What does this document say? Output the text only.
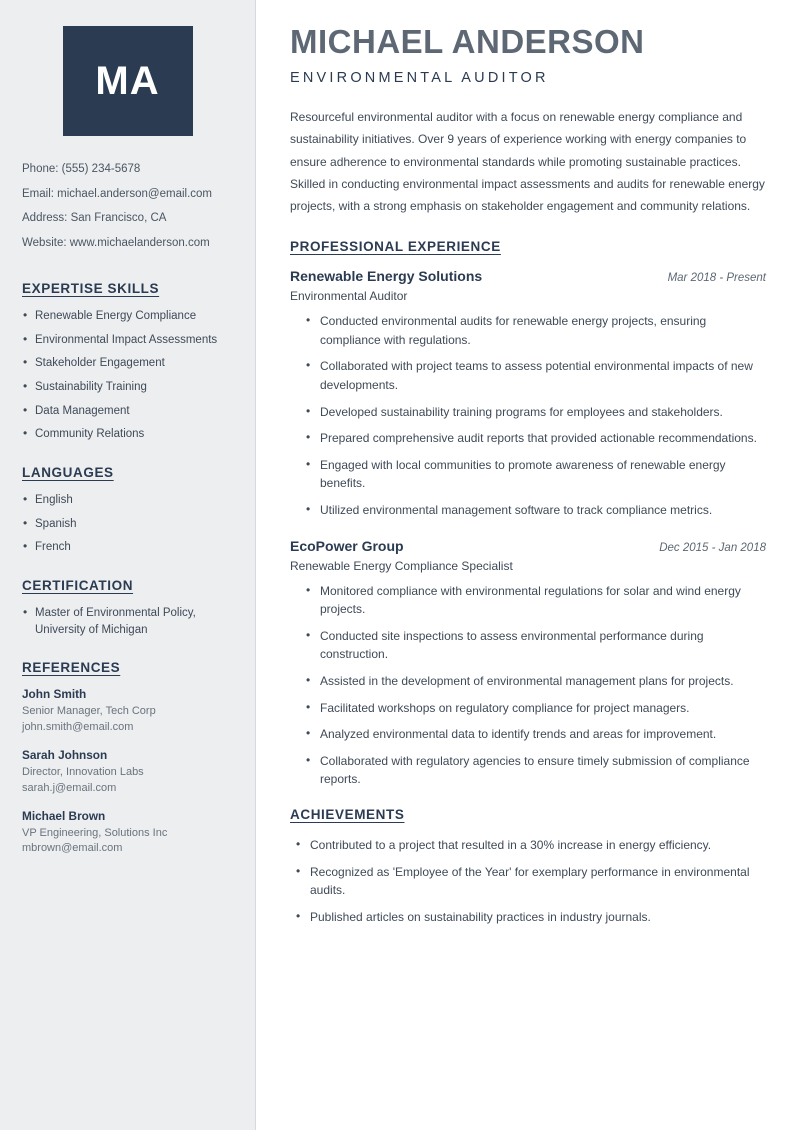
MA
Phone: (555) 234-5678
Email: michael.anderson@email.com
Address: San Francisco, CA
Website: www.michaelanderson.com
EXPERTISE SKILLS
• Renewable Energy Compliance
• Environmental Impact Assessments
• Stakeholder Engagement
• Sustainability Training
• Data Management
• Community Relations
LANGUAGES
• English
• Spanish
• French
CERTIFICATION
• Master of Environmental Policy, University of Michigan
REFERENCES
John Smith
Senior Manager, Tech Corp
john.smith@email.com
Sarah Johnson
Director, Innovation Labs
sarah.j@email.com
Michael Brown
VP Engineering, Solutions Inc
mbrown@email.com
MICHAEL ANDERSON
ENVIRONMENTAL AUDITOR

Resourceful environmental auditor with a focus on renewable energy compliance and sustainability initiatives. Over 9 years of experience working with energy companies to ensure adherence to environmental standards while promoting sustainable practices. Skilled in conducting environmental impact assessments and audits for renewable energy projects, with a strong emphasis on stakeholder engagement and community relations.

PROFESSIONAL EXPERIENCE
Renewable Energy Solutions	Mar 2018 - Present
Environmental Auditor
• Conducted environmental audits for renewable energy projects, ensuring compliance with regulations.
• Collaborated with project teams to assess potential environmental impacts of new developments.
• Developed sustainability training programs for employees and stakeholders.
• Prepared comprehensive audit reports that provided actionable recommendations.
• Engaged with local communities to promote awareness of renewable energy benefits.
• Utilized environmental management software to track compliance metrics.
EcoPower Group	Dec 2015 - Jan 2018
Renewable Energy Compliance Specialist
• Monitored compliance with environmental regulations for solar and wind energy projects.
• Conducted site inspections to assess environmental performance during construction.
• Assisted in the development of environmental management plans for projects.
• Facilitated workshops on regulatory compliance for project managers.
• Analyzed environmental data to identify trends and areas for improvement.
• Collaborated with regulatory agencies to ensure timely submission of compliance reports.
ACHIEVEMENTS
• Contributed to a project that resulted in a 30% increase in energy efficiency.
• Recognized as 'Employee of the Year' for exemplary performance in environmental audits.
• Published articles on sustainability practices in industry journals.
